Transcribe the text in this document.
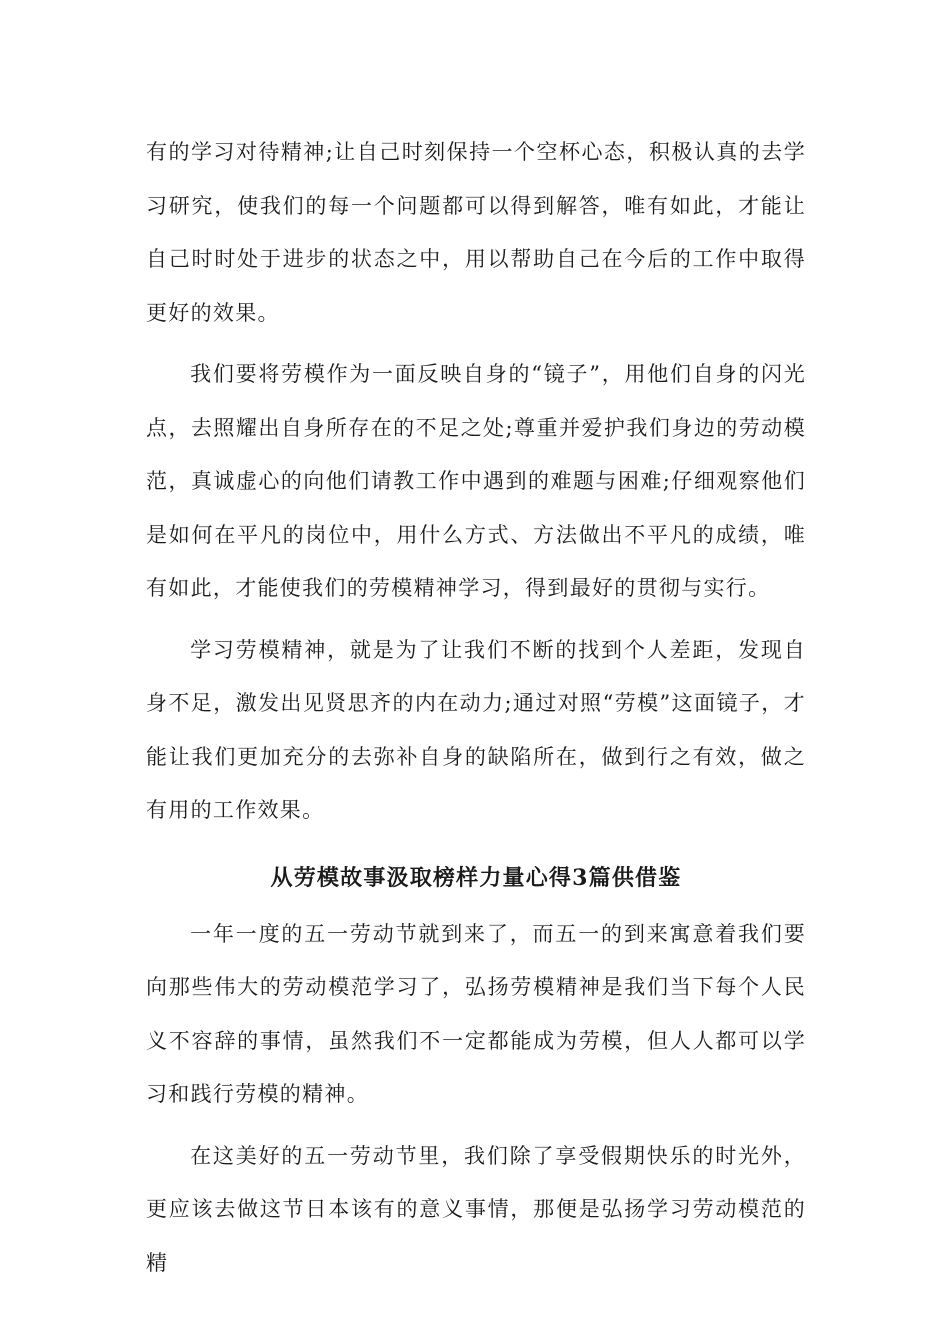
有的学习对待精神;让自己时刻保持一个空杯心态，积极认真的去学习研究，使我们的每一个问题都可以得到解答，唯有如此，才能让自己时时处于进步的状态之中，用以帮助自己在今后的工作中取得更好的效果。

我们要将劳模作为一面反映自身的“镜子”，用他们自身的闪光点，去照耀出自身所存在的不足之处;尊重并爱护我们身边的劳动模范，真诚虚心的向他们请教工作中遇到的难题与困难;仔细观察他们是如何在平凡的岗位中，用什么方式、方法做出不平凡的成绩，唯有如此，才能使我们的劳模精神学习，得到最好的贯彻与实行。

学习劳模精神，就是为了让我们不断的找到个人差距，发现自身不足，激发出见贤思齐的内在动力;通过对照“劳模”这面镜子，才能让我们更加充分的去弥补自身的缺陷所在，做到行之有效，做之有用的工作效果。

从劳模故事汲取榜样力量心得3篇供借鉴

一年一度的五一劳动节就到来了，而五一的到来寓意着我们要向那些伟大的劳动模范学习了，弘扬劳模精神是我们当下每个人民义不容辞的事情，虽然我们不一定都能成为劳模，但人人都可以学习和践行劳模的精神。

在这美好的五一劳动节里，我们除了享受假期快乐的时光外，更应该去做这节日本该有的意义事情，那便是弘扬学习劳动模范的精
